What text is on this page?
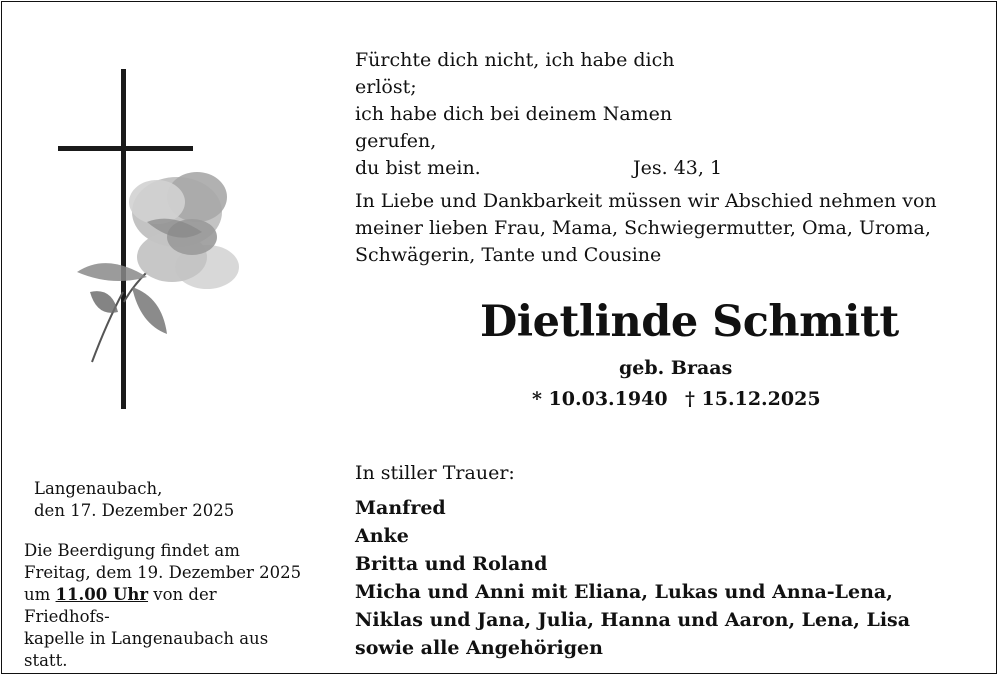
Fürchte dich nicht, ich habe dich erlöst;
ich habe dich bei deinem Namen gerufen,
du bist mein.	Jes. 43, 1
In Liebe und Dankbarkeit müssen wir Abschied nehmen von
meiner lieben Frau, Mama, Schwiegermutter, Oma, Uroma,
Schwägerin, Tante und Cousine
Dietlinde Schmitt
geb. Braas
* 10.03.1940 † 15.12.2025
In stiller Trauer:
Manfred
Anke
Britta und Roland
Micha und Anni mit Eliana, Lukas und Anna-Lena,
Niklas und Jana, Julia, Hanna und Aaron, Lena, Lisa
sowie alle Angehörigen
Langenaubach,
den 17. Dezember 2025
Die Beerdigung findet am
Freitag, dem 19. Dezember 2025
um 11.00 Uhr von der Friedhofs-
kapelle in Langenaubach aus
statt.
